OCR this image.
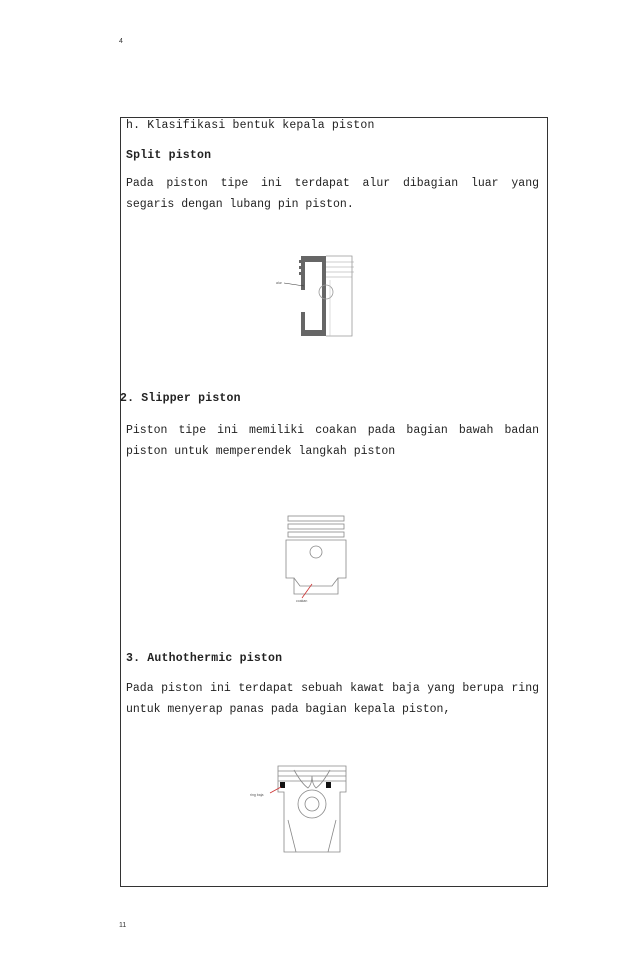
4
h. Klasifikasi bentuk kepala piston
Split piston
Pada piston tipe ini terdapat alur dibagian luar yang segaris dengan lubang pin piston.
alur
2. Slipper piston
Piston tipe ini memiliki coakan pada bagian bawah badan piston untuk memperendek langkah piston
coakan
3. Authothermic piston
Pada piston ini terdapat sebuah kawat baja yang berupa ring untuk menyerap panas pada bagian kepala piston,
ring baja
11
